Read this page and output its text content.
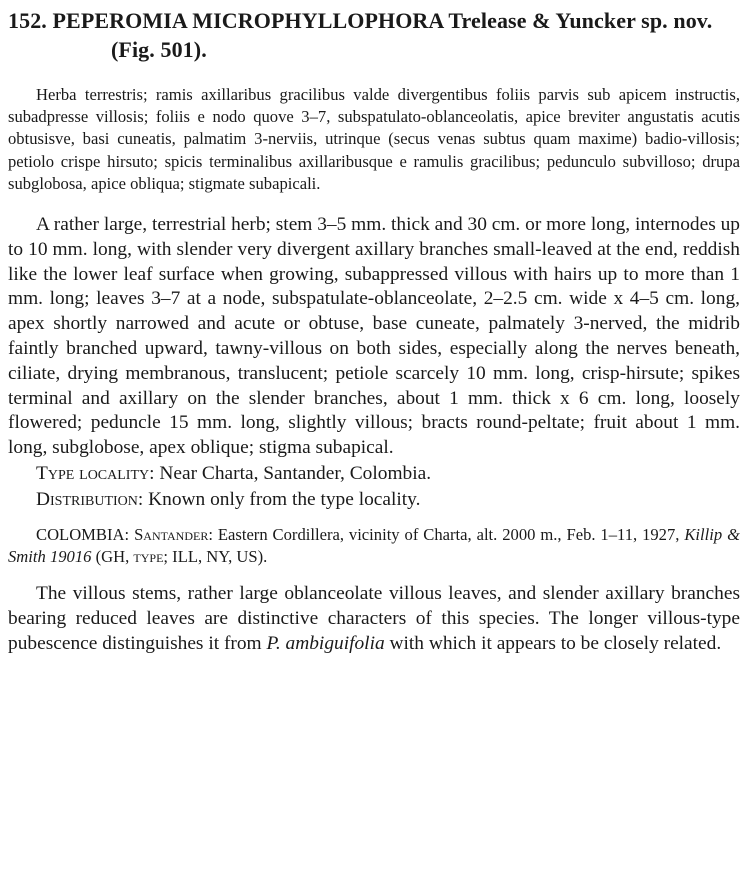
152. PEPEROMIA MICROPHYLLOPHORA Trelease & Yuncker sp. nov. (Fig. 501).

Herba terrestris; ramis axillaribus gracilibus valde divergentibus foliis parvis sub apicem instructis, subadpresse villosis; foliis e nodo quove 3–7, subspatulato-oblanceolatis, apice breviter angustatis acutis obtusisve, basi cuneatis, palmatim 3-nerviis, utrinque (secus venas subtus quam maxime) badio-villosis; petiolo crispe hirsuto; spicis terminalibus axillaribusque e ramulis gracilibus; pedunculo subvilloso; drupa subglobosa, apice obliqua; stigmate subapicali.

A rather large, terrestrial herb; stem 3–5 mm. thick and 30 cm. or more long, internodes up to 10 mm. long, with slender very divergent axillary branches small-leaved at the end, reddish like the lower leaf surface when growing, subappressed villous with hairs up to more than 1 mm. long; leaves 3–7 at a node, subspatulate-oblanceolate, 2–2.5 cm. wide x 4–5 cm. long, apex shortly narrowed and acute or obtuse, base cuneate, palmately 3-nerved, the midrib faintly branched upward, tawny-villous on both sides, especially along the nerves beneath, ciliate, drying membranous, translucent; petiole scarcely 10 mm. long, crisp-hirsute; spikes terminal and axillary on the slender branches, about 1 mm. thick x 6 cm. long, loosely flowered; peduncle 15 mm. long, slightly villous; bracts round-peltate; fruit about 1 mm. long, subglobose, apex oblique; stigma subapical.

Type locality: Near Charta, Santander, Colombia.

Distribution: Known only from the type locality.

COLOMBIA: Santander: Eastern Cordillera, vicinity of Charta, alt. 2000 m., Feb. 1–11, 1927, Killip & Smith 19016 (GH, type; ILL, NY, US).

The villous stems, rather large oblanceolate villous leaves, and slender axillary branches bearing reduced leaves are distinctive characters of this species. The longer villous-type pubescence distinguishes it from P. ambiguifolia with which it appears to be closely related.
